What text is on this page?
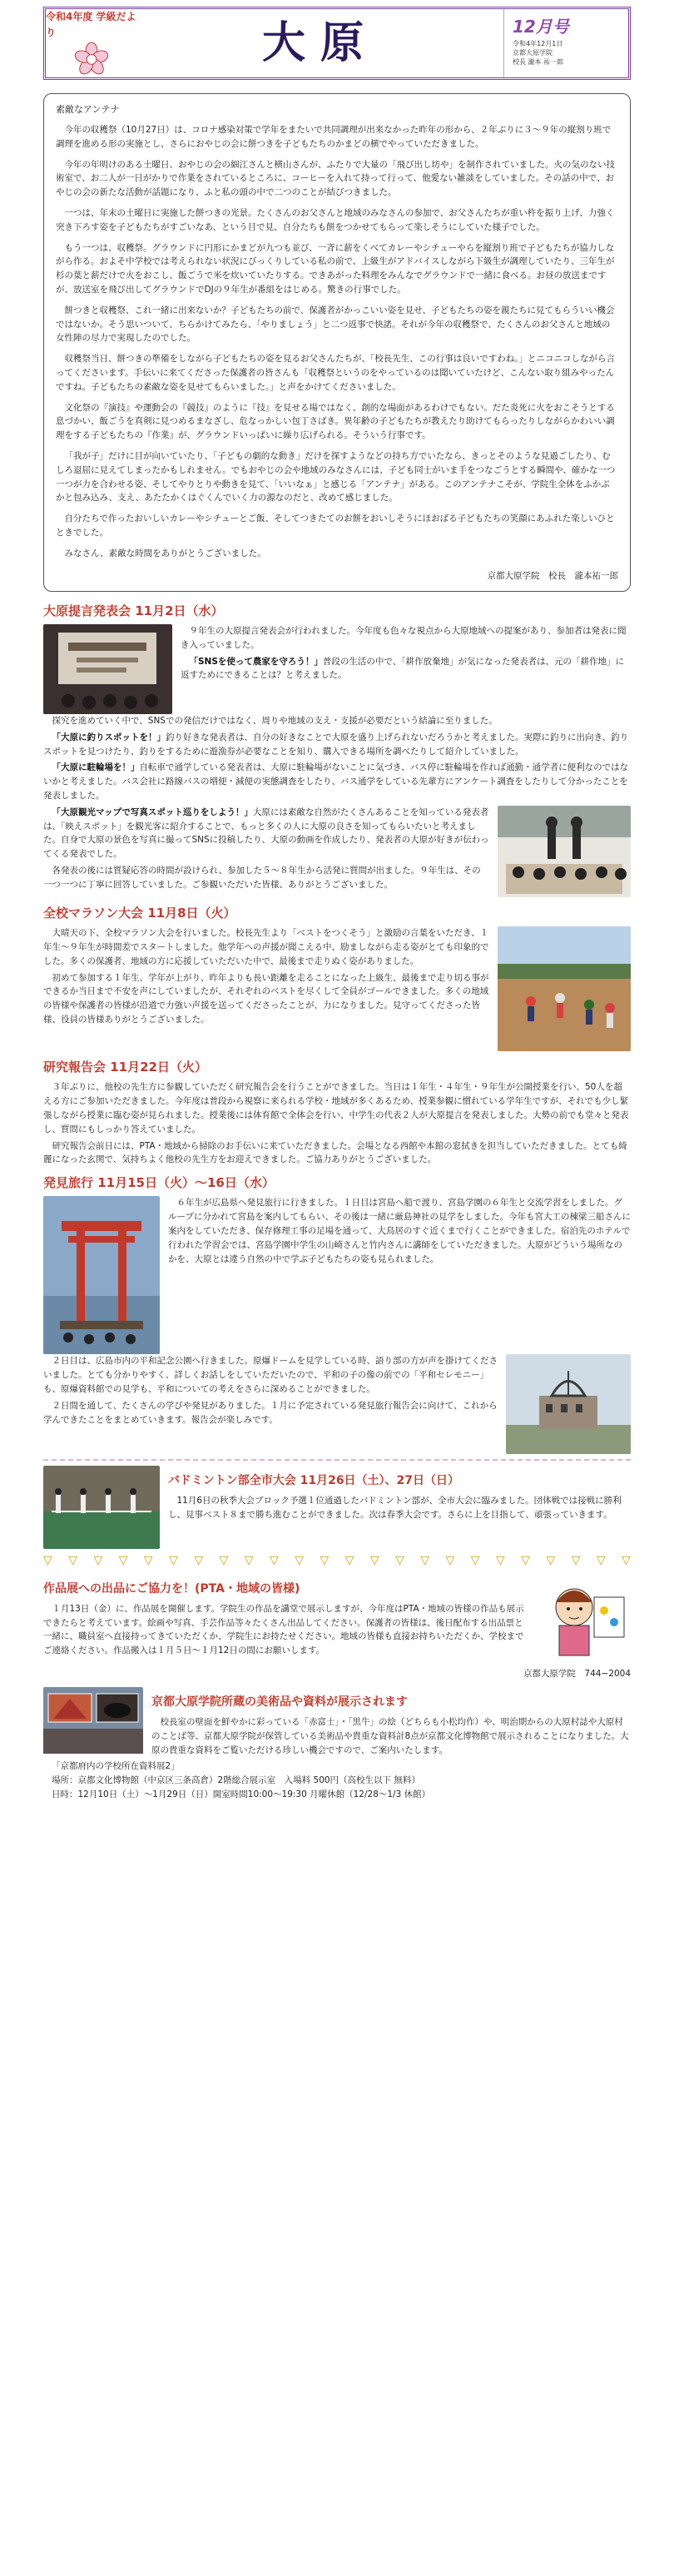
令和4年度 学級だより	大原	12月号
令和4年12月1日
京都大原学院
校長 瀧本 祐一郎
素敵なアンテナ

今年の収穫祭（10月27日）は、コロナ感染対策で学年をまたいで共同調理が出来なかった昨年の形から、２年ぶりに３〜９年の縦割り班で調理を進める形の実施とし、さらにおやじの会に餅つきを子どもたちのかまどの横でやっていただきました。

今年の年明けのある土曜日、おやじの会の細江さんと横山さんが、ふたりで大量の「飛び出し坊や」を制作されていました。火の気のない技術室で、お二人が一日がかりで作業をされているところに、コーヒーを入れて持って行って、他愛ない雑談をしていました。その話の中で、おやじの会の新たな活動が話題になり、ふと私の頭の中で二つのことが結びつきました。

一つは、年末の土曜日に実施した餅つきの光景。たくさんのお父さんと地域のみなさんの参加で、お父さんたちが重い杵を振り上げ、力強く突き下ろす姿を子どもたちがすごいなあ、という目で見、自分たちも餅をつかせてもらって楽しそうにしていた様子でした。

もう一つは、収穫祭。グラウンドに円形にかまどが九つも並び、一斉に薪をくべてカレーやシチューやらを縦割り班で子どもたちが協力しながら作る。およそ中学校では考えられない状況にびっくりしている私の前で、上級生がアドバイスしながら下級生が調理していたり、三年生が杉の葉と薪だけで火をおこし、飯ごうで米を炊いていたりする。できあがった料理をみんなでグラウンドで一緒に食べる。お昼の放送まですが、放送室を飛び出してグラウンドでDJの９年生が番組をはじめる。驚きの行事でした。

餅つきと収穫祭、これ一緒に出来ないか？子どもたちの前で、保護者がかっこいい姿を見せ、子どもたちの姿を親たちに見てもらういい機会ではないか。そう思いついて、ちらかけてみたら、「やりましょう」と二つ返事で快諾。それが今年の収穫祭で、たくさんのお父さんと地域の女性陣の尽力で実現したのでした。

収穫祭当日、餅つきの準備をしながら子どもたちの姿を見るお父さんたちが、「校長先生、この行事は良いですわね。」とニコニコしながら言ってくださいます。手伝いに来てくださった保護者の皆さんも「収穫祭というのをやっているのは聞いていたけど、こんない取り組みやったんですね。子どもたちの素敵な姿を見せてもらいました。」と声をかけてくださいました。

文化祭の『演技』や運動会の『競技』のように『技』を見せる場ではなく、創的な場面があるわけでもない。だた炎死に火をおこそうとする息づかい、飯ごうを真剣に見つめるまなざし、危なっかしい包丁さばき。異年齢の子どもたちが教えたり助けてもらったりしながらかわいい調理をする子どもたちの『作業』が、グラウンドいっぱいに繰り広げられる。そういう行事です。

「我が子」だけに目が向いていたり、「子どもの劇的な動き」だけを探すようなどの持ち方でいたなら、きっとそのような見過ごしたり、むしろ退屈に見えてしまったかもしれません。でもおやじの会や地域のみなさんには、子ども同士がいま手をつなごうとする瞬間や、確かな一つ一つが力を合わせる姿、そしてやりとりや動きを見て、「いいなぁ」と感じる「アンテナ」がある。このアンテナこそが、学院生全体をふかぶかと包み込み、支え、あたたかくはぐくんでいく力の源なのだと、改めて感じました。

自分たちで作ったおいしいカレーやシチューとご飯、そしてつきたてのお餅をおいしそうにほおばる子どもたちの笑顔にあふれた楽しいひとときでした。

みなさん、素敵な時間をありがとうございました。

京都大原学院　校長　瀧本祐一郎
大原提言発表会 11月2日（水）
９年生の大原提言発表会が行われました。今年度も色々な視点から大原地域への提案があり、参加者は発表に聞き入っていました。
「SNSを使って農家を守ろう！」普段の生活の中で、「耕作放棄地」が気になった発表者は、元の「耕作地」に返すためにできることは？と考えました。
探究を進めていく中で、SNSでの発信だけではなく、周りや地域の支え・支援が必要だという結論に至りました。
「大原に釣りスポットを！」釣り好きな発表者は、自分の好きなことで大原を盛り上げられないだろうかと考えました。実際に釣りに出向き、釣りスポットを見つけたり、釣りをするために遊漁券が必要なことを知り、購入できる場所を調べたりして紹介していました。
「大原に駐輪場を！」自転車で通学している発表者は、大原に駐輪場がないことに気づき、バス停に駐輪場を作れば通勤・通学者に便利なのではないかと考えました。バス会社に路線バスの増便・減便の実態調査をしたり、バス通学をしている先輩方にアンケート調査をしたりして分かったことを発表しました。
「大原観光マップで写真スポット巡りをしよう！」大原には素敵な自然がたくさんあることを知っている発表者は、「映えスポット」を観光客に紹介することで、もっと多くの人に大原の良さを知ってもらいたいと考えました。自身で大原の景色を写真に撮ってSNSに投稿したり、大原の動画を作成したり、発表者の大原が好きが伝わってくる発表でした。
各発表の後には質疑応答の時間が設けられ、参加した５〜８年生から活発に質問が出ました。９年生は、その一つ一つに丁寧に回答していました。ご参観いただいた皆様、ありがとうございました。
全校マラソン大会 11月8日（火）
大晴天の下、全校マラソン大会を行いました。校長先生より「ベストをつくそう」と激励の言葉をいただき、１年生〜９年生が時間差でスタートしました。他学年への声援が聞こえる中、励ましながら走る姿がとても印象的でした。多くの保護者、地域の方に応援していただいた中で、最後まで走りぬく姿がありました。
初めて参加する１年生、学年が上がり、昨年よりも長い距離を走ることになった上級生、最後まで走り切る事ができるか当日まで不安を声にしていましたが、それぞれのベストを尽くして全員がゴールできました。多くの地域の皆様や保護者の皆様が沿道で力強い声援を送ってくださったことが、力になりました。見守ってくださった皆様、役員の皆様ありがとうございました。
研究報告会 11月22日（火）
３年ぶりに、他校の先生方に参観していただく研究報告会を行うことができました。当日は１年生・４年生・９年生が公開授業を行い、50人を超える方にご参加いただきました。今年度は普段から視察に来られる学校・地域が多くあるため、授業参観に慣れている学年生ですが、それでも少し緊張しながら授業に臨む姿が見られました。授業後には体育館で全体会を行い、中学生の代表２人が大原提言を発表しました。大勢の前でも堂々と発表し、質問にもしっかり答えていました。
研究報告会前日には、PTA・地域から掃除のお手伝いに来ていただきました。会場となる西館や本館の窓拭きを担当していただきました。とても綺麗になった玄関で、気持ちよく他校の先生方をお迎えできました。ご協力ありがとうございました。
発見旅行 11月15日（火）〜16日（水）
６年生が広島県へ発見旅行に行きました。１日目は宮島へ船で渡り、宮島学園の６年生と交流学習をしました。グループに分かれて宮島を案内してもらい、その後は一緒に厳島神社の見学をしました。今年も宮大工の棟梁三船さんに案内をしていただき、保存修理工事の足場を通って、大鳥居のすぐ近くまで行くことができました。宿泊先のホテルで行われた学習会では、宮島学園中学生の山崎さんと竹内さんに講師をしていただきました。大原がどういう場所なのかを、大原とは違う自然の中で学ぶ子どもたちの姿も見られました。
２日目は、広島市内の平和記念公園へ行きました。原爆ドームを見学している時、語り部の方が声を掛けてくださいました。とても分かりやすく、詳しくお話しをしていただいたので、平和の子の像の前での「平和セレモニー」も、原爆資料館での見学も、平和についての考えをさらに深めることができました。
２日間を通して、たくさんの学びや発見がありました。１月に予定されている発見旅行報告会に向けて、これから学んできたことをまとめていきます。報告会が楽しみです。
バドミントン部全市大会 11月26日（土）、27日（日）
11月6日の秋季大会ブロック予選１位通過したバドミントン部が、全市大会に臨みました。団体戦では接戦に勝利し、見事ベスト８まで勝ち進むことができました。次は春季大会です。さらに上を目指して、頑張っていきます。
▽ ▽ ▽ ▽ ▽ ▽ ▽ ▽ ▽ ▽ ▽ ▽ ▽ ▽ ▽ ▽ ▽ ▽ ▽ ▽ ▽ ▽ ▽ ▽
作品展への出品にご協力を！(PTA・地域の皆様)
１月13日（金）に、作品展を開催します。学院生の作品を講堂で展示しますが、今年度はPTA・地域の皆様の作品も展示できたらと考えています。絵画や写真、手芸作品等々たくさん出品してください。保護者の皆様は、後日配布する出品票と一緒に、職員室へ直接持ってきていただくか、学院生にお持たせください。地域の皆様も直接お持ちいただくか、学校までご連絡ください。作品搬入は１月５日〜１月12日の間にお願いします。
京都大原学院　744−2004
京都大原学院所蔵の美術品や資料が展示されます
校長室の壁面を鮮やかに彩っている「赤富士」・「黒牛」の絵（どちらも小松均作）や、明治期からの大原村誌や大原村のことば等、京都大原学院が保管している美術品や貴重な資料計8点が京都文化博物館で展示されることになりました。大原の貴重な資料をご覧いただける珍しい機会ですので、ご案内いたします。
「京都府内の学校所在資料展2」
場所：京都文化博物館（中京区三条高倉）2階総合展示室　入場料 500円（高校生以下 無料）
日時：12月10日（土）〜1月29日（日）開室時間10:00〜19:30 月曜休館（12/28〜1/3 休館）
